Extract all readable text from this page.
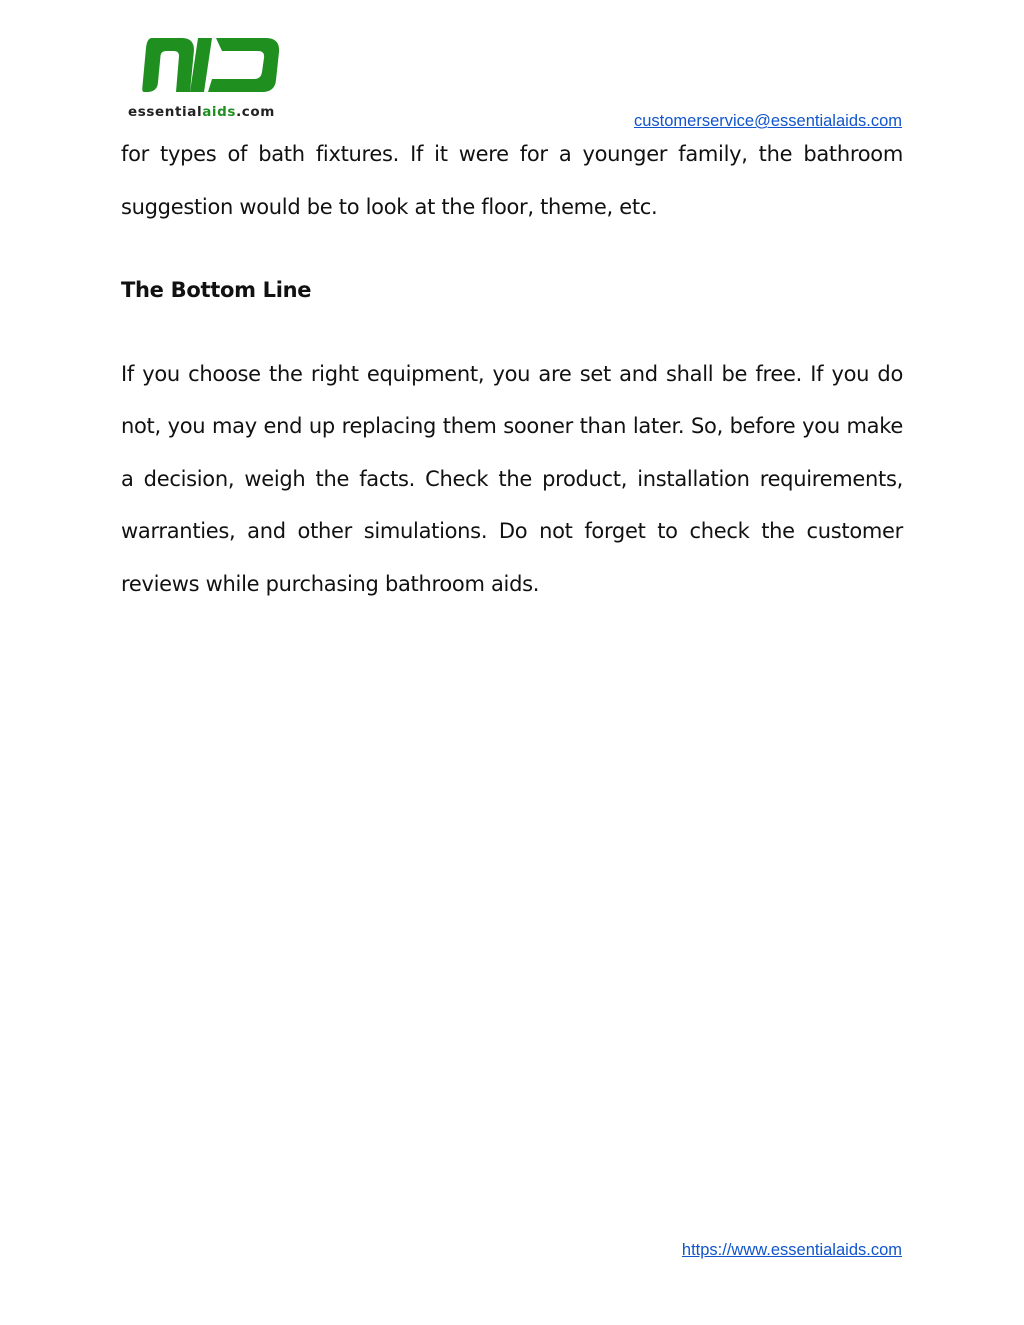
essentialaids.com	customerservice@essentialaids.com

for types of bath fixtures. If it were for a younger family, the bathroom suggestion would be to look at the floor, theme, etc.

The Bottom Line

If you choose the right equipment, you are set and shall be free. If you do not, you may end up replacing them sooner than later. So, before you make a decision, weigh the facts. Check the product, installation requirements, warranties, and other simulations. Do not forget to check the customer reviews while purchasing bathroom aids.

https://www.essentialaids.com
